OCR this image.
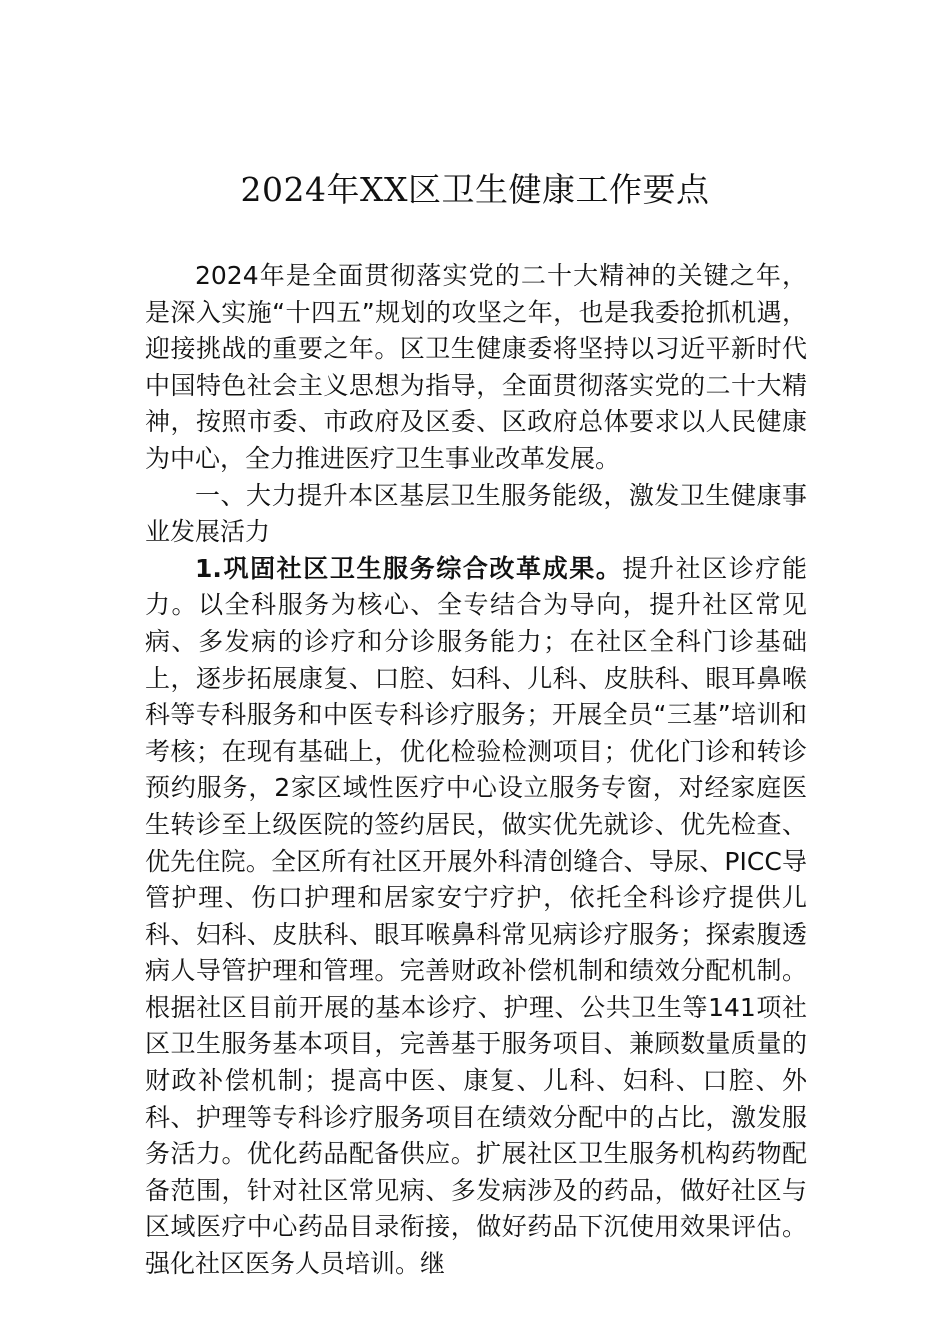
2024年XX区卫生健康工作要点

2024年是全面贯彻落实党的二十大精神的关键之年，是深入实施“十四五”规划的攻坚之年，也是我委抢抓机遇，迎接挑战的重要之年。区卫生健康委将坚持以习近平新时代中国特色社会主义思想为指导，全面贯彻落实党的二十大精神，按照市委、市政府及区委、区政府总体要求以人民健康为中心，全力推进医疗卫生事业改革发展。

一、大力提升本区基层卫生服务能级，激发卫生健康事业发展活力

1.巩固社区卫生服务综合改革成果。提升社区诊疗能力。以全科服务为核心、全专结合为导向，提升社区常见病、多发病的诊疗和分诊服务能力；在社区全科门诊基础上，逐步拓展康复、口腔、妇科、儿科、皮肤科、眼耳鼻喉科等专科服务和中医专科诊疗服务；开展全员“三基”培训和考核；在现有基础上，优化检验检测项目；优化门诊和转诊预约服务，2家区域性医疗中心设立服务专窗，对经家庭医生转诊至上级医院的签约居民，做实优先就诊、优先检查、优先住院。全区所有社区开展外科清创缝合、导尿、PICC导管护理、伤口护理和居家安宁疗护，依托全科诊疗提供儿科、妇科、皮肤科、眼耳喉鼻科常见病诊疗服务；探索腹透病人导管护理和管理。完善财政补偿机制和绩效分配机制。根据社区目前开展的基本诊疗、护理、公共卫生等141项社区卫生服务基本项目，完善基于服务项目、兼顾数量质量的财政补偿机制；提高中医、康复、儿科、妇科、口腔、外科、护理等专科诊疗服务项目在绩效分配中的占比，激发服务活力。优化药品配备供应。扩展社区卫生服务机构药物配备范围，针对社区常见病、多发病涉及的药品，做好社区与区域医疗中心药品目录衔接，做好药品下沉使用效果评估。强化社区医务人员培训。继
